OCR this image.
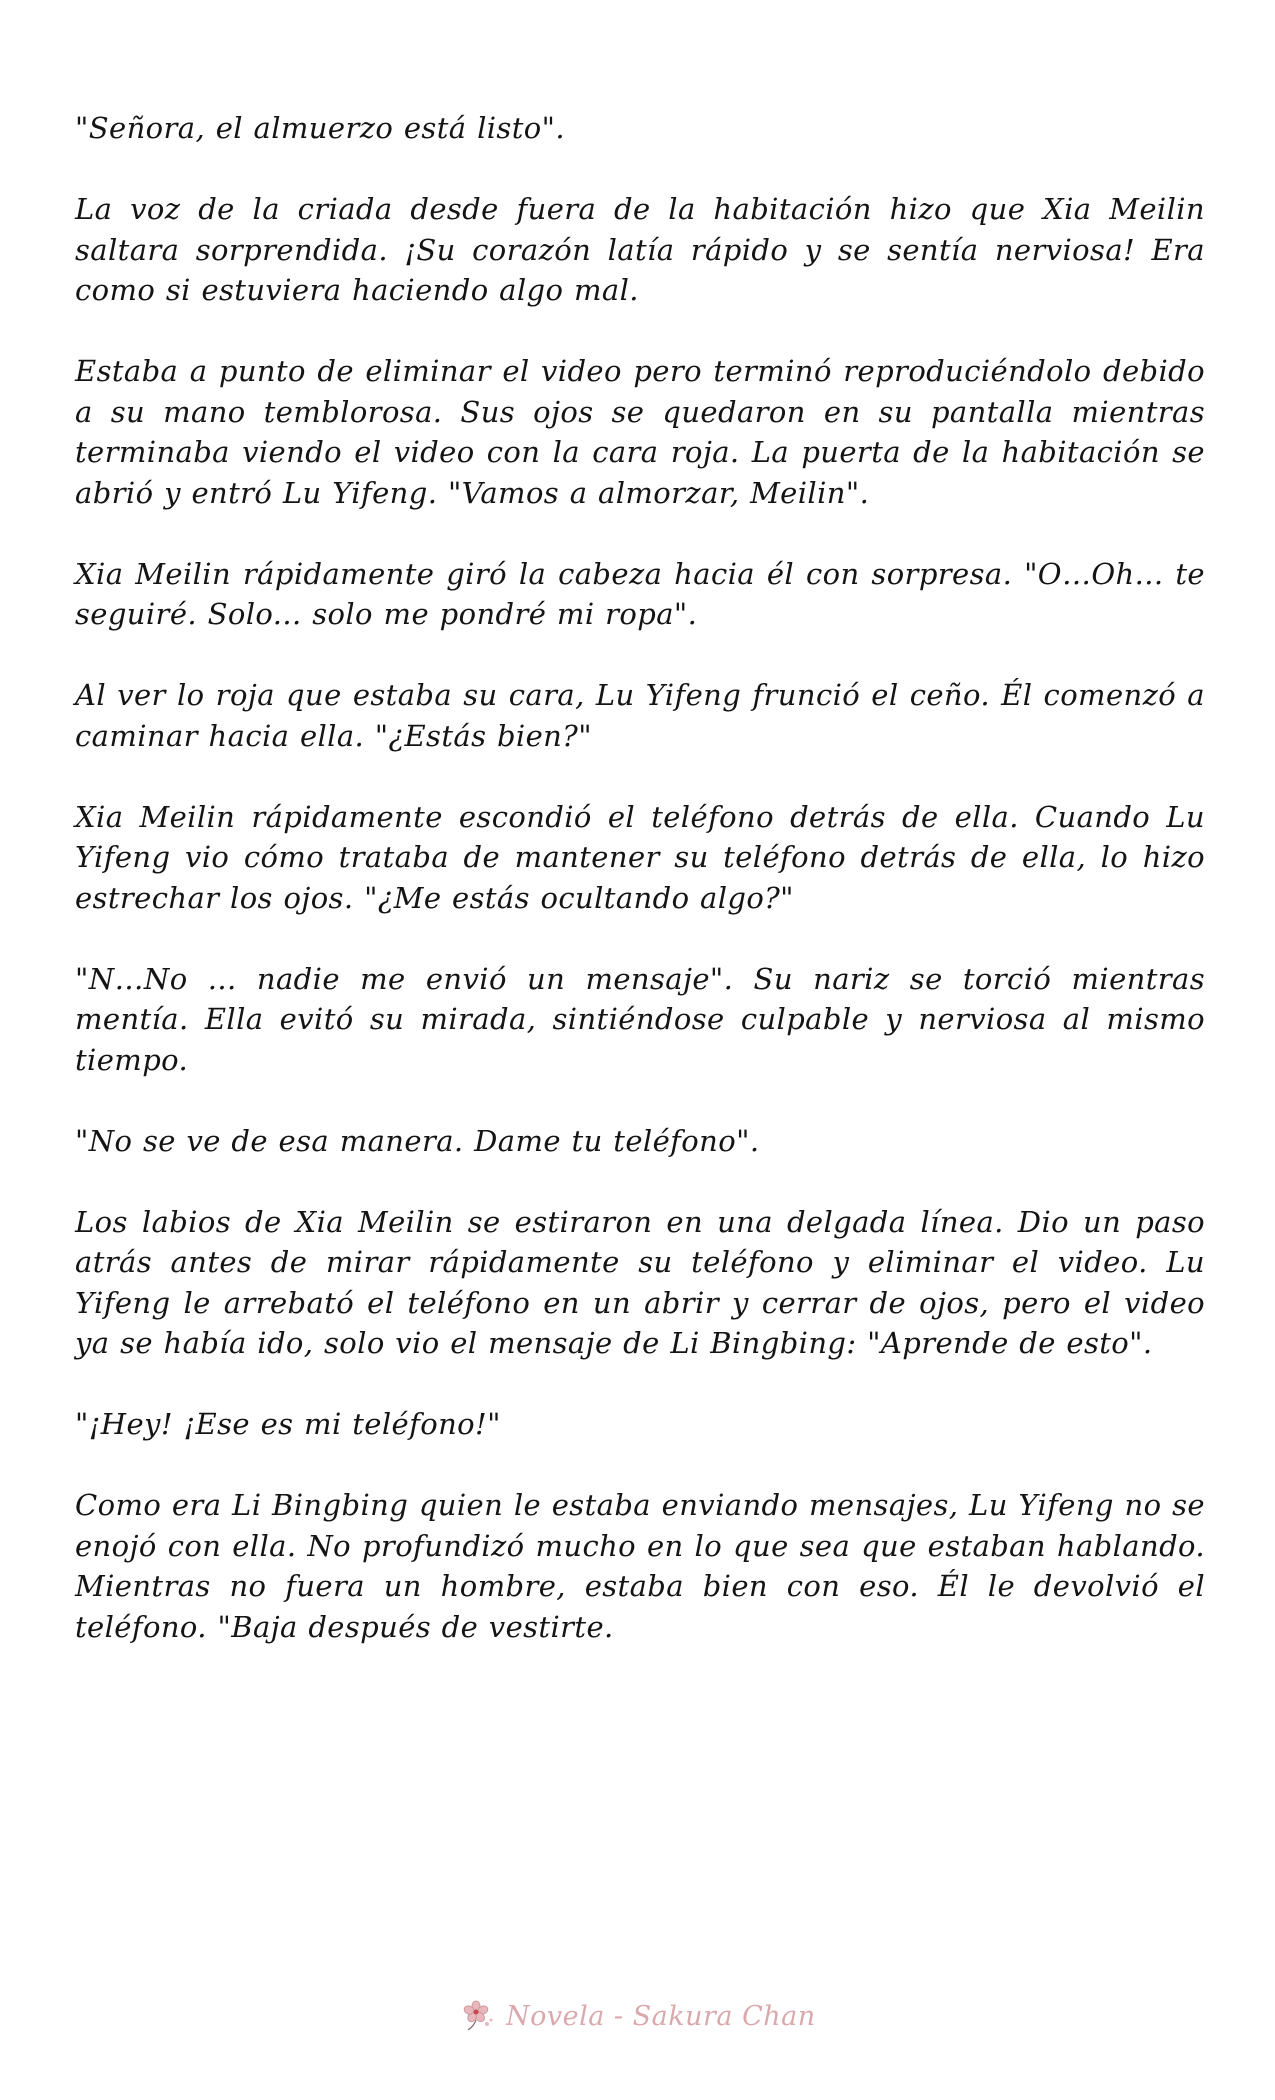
"Señora, el almuerzo está listo".

La voz de la criada desde fuera de la habitación hizo que Xia Meilin saltara sorprendida. ¡Su corazón latía rápido y se sentía nerviosa! Era como si estuviera haciendo algo mal.

Estaba a punto de eliminar el video pero terminó reproduciéndolo debido a su mano temblorosa. Sus ojos se quedaron en su pantalla mientras terminaba viendo el video con la cara roja. La puerta de la habitación se abrió y entró Lu Yifeng. "Vamos a almorzar, Meilin".

Xia Meilin rápidamente giró la cabeza hacia él con sorpresa. "O…Oh... te seguiré. Solo... solo me pondré mi ropa".

Al ver lo roja que estaba su cara, Lu Yifeng frunció el ceño. Él comenzó a caminar hacia ella. "¿Estás bien?"

Xia Meilin rápidamente escondió el teléfono detrás de ella. Cuando Lu Yifeng vio cómo trataba de mantener su teléfono detrás de ella, lo hizo estrechar los ojos. "¿Me estás ocultando algo?"

"N…No ... nadie me envió un mensaje". Su nariz se torció mientras mentía. Ella evitó su mirada, sintiéndose culpable y nerviosa al mismo tiempo.

"No se ve de esa manera. Dame tu teléfono".

Los labios de Xia Meilin se estiraron en una delgada línea. Dio un paso atrás antes de mirar rápidamente su teléfono y eliminar el video. Lu Yifeng le arrebató el teléfono en un abrir y cerrar de ojos, pero el video ya se había ido, solo vio el mensaje de Li Bingbing: "Aprende de esto".

"¡Hey! ¡Ese es mi teléfono!"

Como era Li Bingbing quien le estaba enviando mensajes, Lu Yifeng no se enojó con ella. No profundizó mucho en lo que sea que estaban hablando. Mientras no fuera un hombre, estaba bien con eso. Él le devolvió el teléfono. "Baja después de vestirte.

Novela - Sakura Chan
